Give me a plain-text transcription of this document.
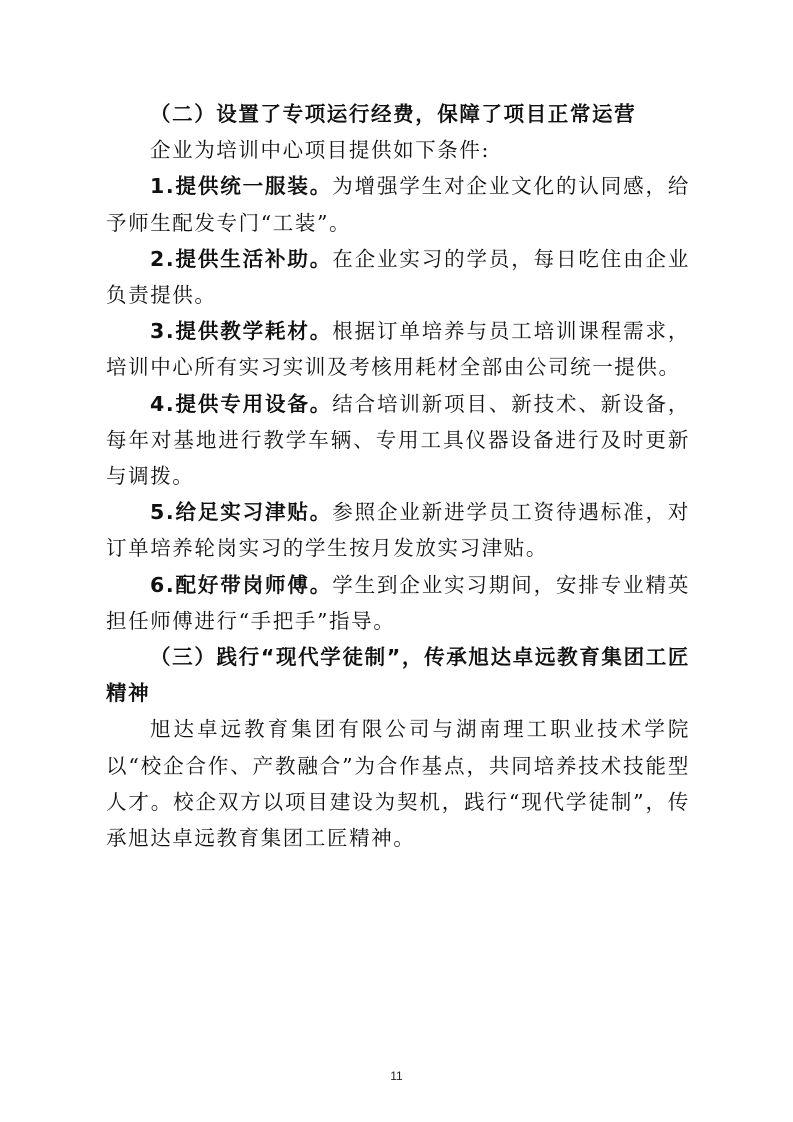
（二）设置了专项运行经费，保障了项目正常运营

企业为培训中心项目提供如下条件:

1.提供统一服装。为增强学生对企业文化的认同感，给予师生配发专门“工装”。

2.提供生活补助。在企业实习的学员，每日吃住由企业负责提供。

3.提供教学耗材。根据订单培养与员工培训课程需求，培训中心所有实习实训及考核用耗材全部由公司统一提供。

4.提供专用设备。结合培训新项目、新技术、新设备，每年对基地进行教学车辆、专用工具仪器设备进行及时更新与调拨。

5.给足实习津贴。参照企业新进学员工资待遇标准，对订单培养轮岗实习的学生按月发放实习津贴。

6.配好带岗师傅。学生到企业实习期间，安排专业精英担任师傅进行“手把手”指导。

（三）践行“现代学徒制”，传承旭达卓远教育集团工匠精神

旭达卓远教育集团有限公司与湖南理工职业技术学院以“校企合作、产教融合”为合作基点，共同培养技术技能型人才。校企双方以项目建设为契机，践行“现代学徒制”，传承旭达卓远教育集团工匠精神。

11
